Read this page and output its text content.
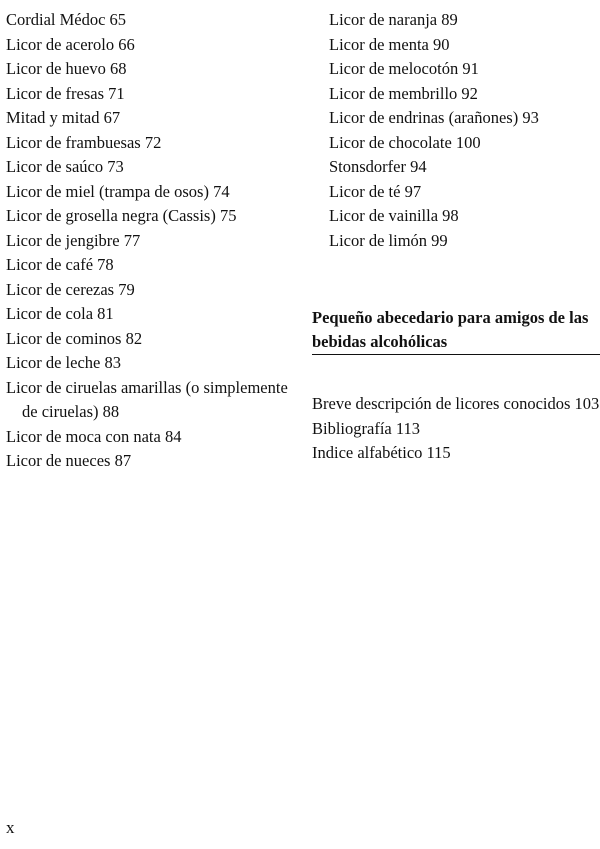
Cordial Médoc 65
Licor de acerolo 66
Licor de huevo 68
Licor de fresas 71
Mitad y mitad 67
Licor de frambuesas 72
Licor de saúco 73
Licor de miel (trampa de osos) 74
Licor de grosella negra (Cassis) 75
Licor de jengibre 77
Licor de café 78
Licor de cerezas 79
Licor de cola 81
Licor de cominos 82
Licor de leche 83
Licor de ciruelas amarillas (o simplemente de ciruelas) 88
Licor de moca con nata 84
Licor de nueces 87
Licor de naranja 89
Licor de menta 90
Licor de melocotón 91
Licor de membrillo 92
Licor de endrinas (arañones) 93
Licor de chocolate 100
Stonsdorfer 94
Licor de té 97
Licor de vainilla 98
Licor de limón 99
Pequeño abecedario para amigos de las bebidas alcohólicas
Breve descripción de licores conocidos 103
Bibliografía 113
Indice alfabético 115
x
